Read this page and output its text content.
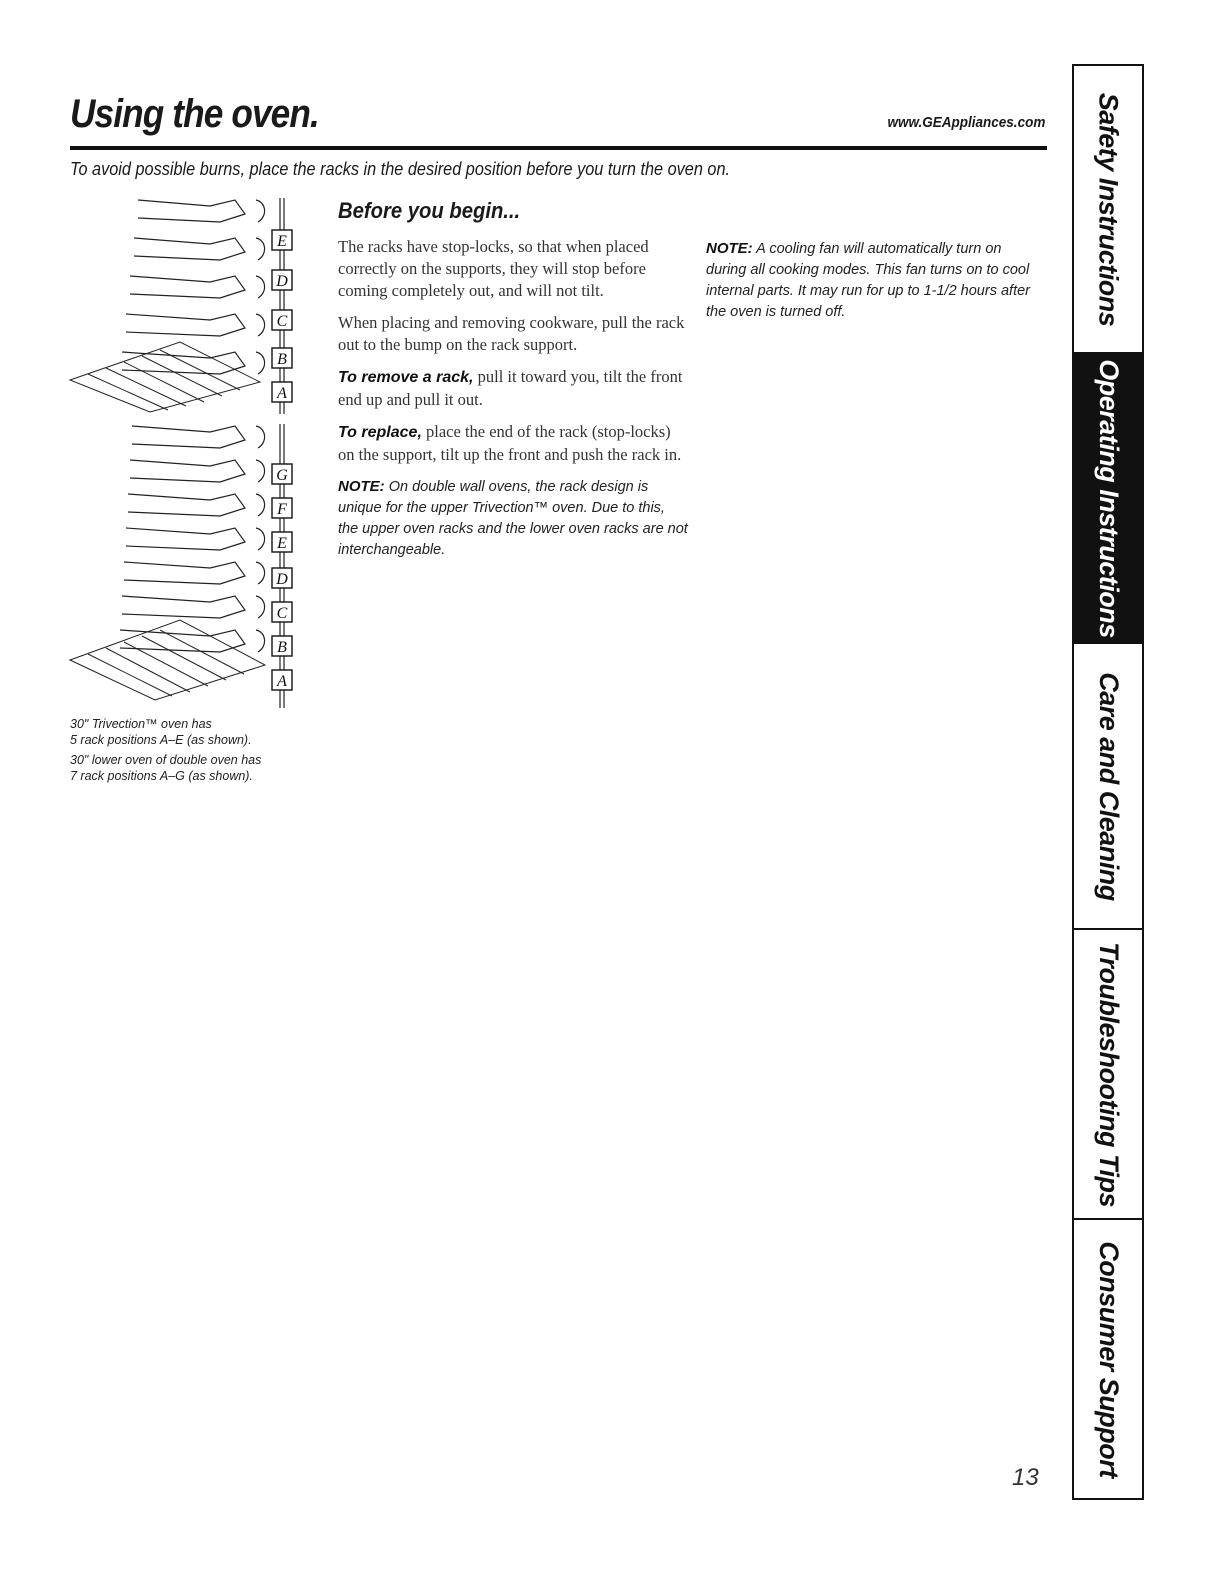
Using the oven.	www.GEAppliances.com
To avoid possible burns, place the racks in the desired position before you turn the oven on.
E
D
C
B
A
G
F
E
D
C
B
A

30" Trivection™ oven has
5 rack positions A–E (as shown).

30" lower oven of double oven has
7 rack positions A–G (as shown).

Before you begin...

The racks have stop-locks, so that when placed correctly on the supports, they will stop before coming completely out, and will not tilt.

When placing and removing cookware, pull the rack out to the bump on the rack support.

To remove a rack, pull it toward you, tilt the front end up and pull it out.

To replace, place the end of the rack (stop-locks) on the support, tilt up the front and push the rack in.

NOTE: On double wall ovens, the rack design is unique for the upper Trivection™ oven. Due to this, the upper oven racks and the lower oven racks are not interchangeable.

NOTE: A cooling fan will automatically turn on during all cooking modes. This fan turns on to cool internal parts. It may run for up to 1-1/2 hours after the oven is turned off.

13
Safety Instructions
Operating Instructions
Care and Cleaning
Troubleshooting Tips
Consumer Support
